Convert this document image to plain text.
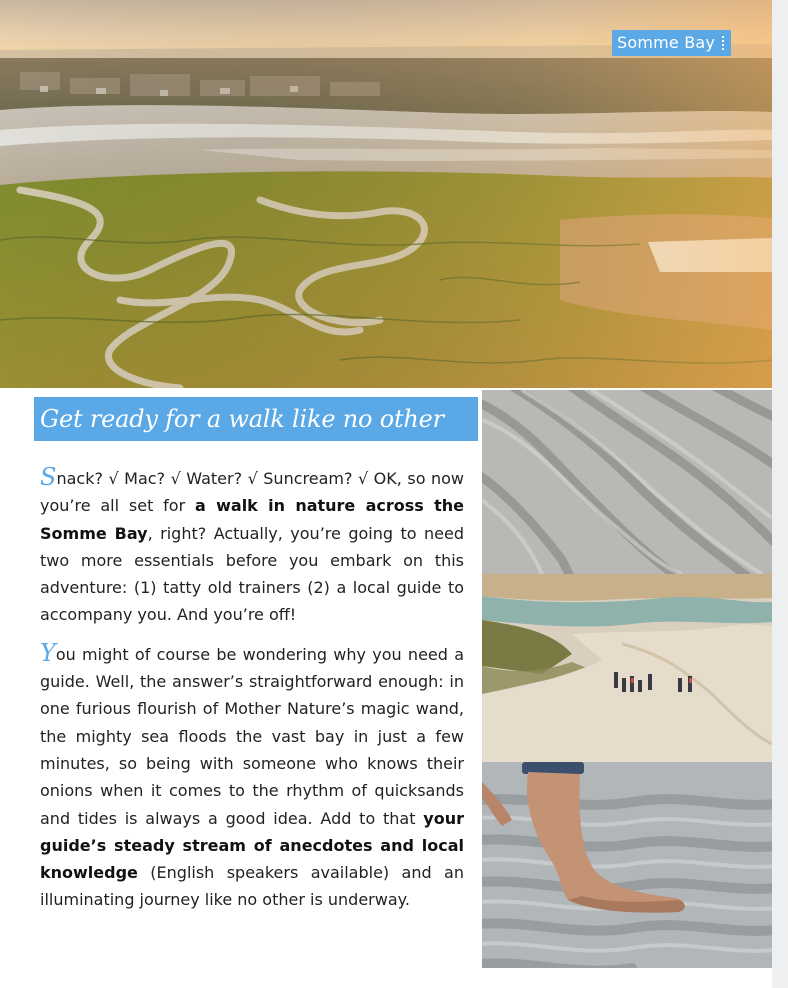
Somme Bay
Get ready for a walk like no other

Snack? √ Mac? √ Water? √ Suncream? √ OK, so now you’re all set for a walk in nature across the Somme Bay, right? Actually, you’re going to need two more essentials before you embark on this adventure: (1) tatty old trainers (2) a local guide to accompany you. And you’re off!

You might of course be wondering why you need a guide. Well, the answer’s straightforward enough: in one furious flourish of Mother Nature’s magic wand, the mighty sea floods the vast bay in just a few minutes, so being with someone who knows their onions when it comes to the rhythm of quicksands and tides is always a good idea. Add to that your guide’s steady stream of anecdotes and local knowledge (English speakers available) and an illuminating journey like no other is underway.
